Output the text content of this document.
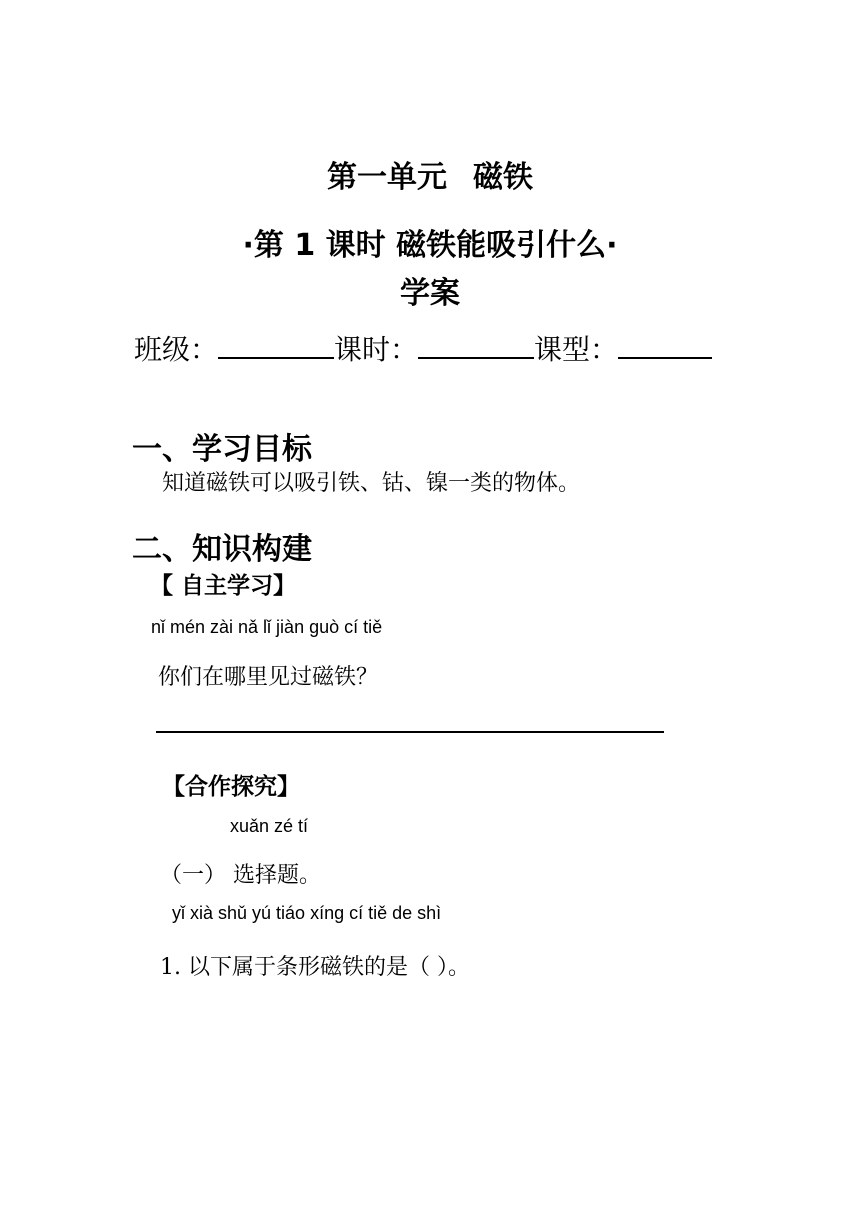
第一单元 磁铁
·第 1 课时 磁铁能吸引什么·
学案
班级：	课时：	课型：
一、学习目标
知道磁铁可以吸引铁、钴、镍一类的物体。
二、知识构建
【 自主学习】
nǐ mén zài nǎ lǐ jiàn guò cí tiě
你们在哪里见过磁铁？
【合作探究】
xuǎn zé tí
（一） 选择题。
yǐ xià shǔ yú tiáo xíng cí tiě de shì
1. 以下属于条形磁铁的是（ ）。
